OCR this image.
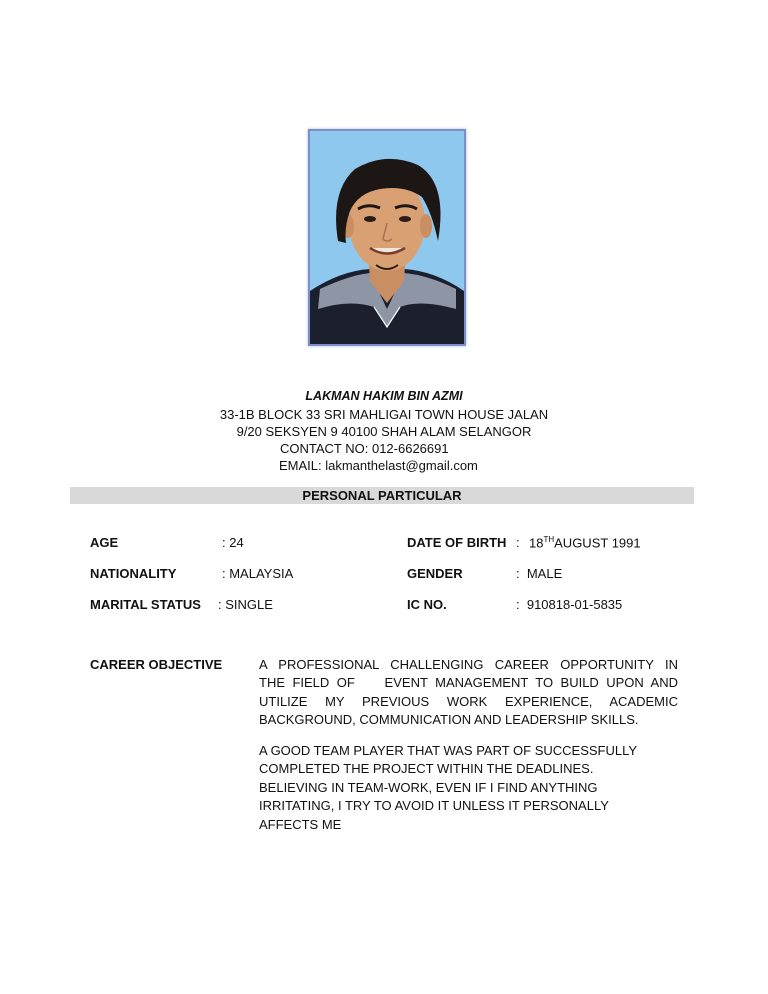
LAKMAN HAKIM BIN AZMI
33-1B BLOCK 33 SRI MAHLIGAI TOWN HOUSE JALAN
9/20 SEKSYEN 9 40100 SHAH ALAM SELANGOR
CONTACT NO: 012-6626691
EMAIL: lakmanthelast@gmail.com
PERSONAL PARTICULAR
AGE	: 24
NATIONALITY	: MALAYSIA
MARITAL STATUS : SINGLE
DATE OF BIRTH : 18THAUGUST 1991
GENDER	:  MALE
IC NO.	:  910818-01-5835
CAREER OBJECTIVE	A PROFESSIONAL CHALLENGING CAREER OPPORTUNITY IN
THE FIELD OF    EVENT MANAGEMENT TO BUILD UPON AND
UTILIZE MY PREVIOUS WORK EXPERIENCE, ACADEMIC
BACKGROUND, COMMUNICATION AND LEADERSHIP SKILLS.
A GOOD TEAM PLAYER THAT WAS PART OF SUCCESSFULLY
COMPLETED THE PROJECT WITHIN THE DEADLINES.
BELIEVING IN TEAM-WORK, EVEN IF I FIND ANYTHING
IRRITATING, I TRY TO AVOID IT UNLESS IT PERSONALLY
AFFECTS ME
